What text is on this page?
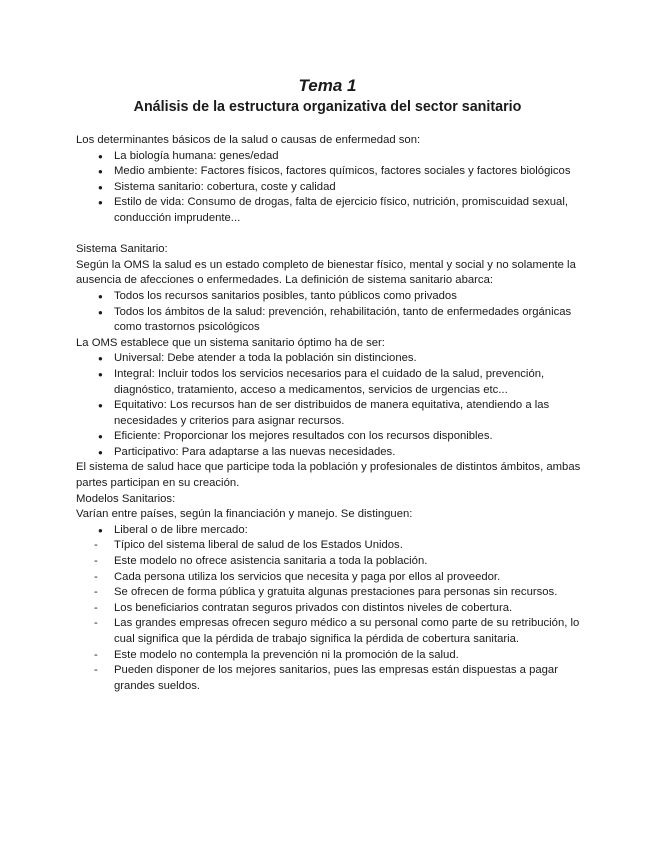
Tema 1
Análisis de la estructura organizativa del sector sanitario

Los determinantes básicos de la salud o causas de enfermedad son:

● La biología humana: genes/edad
● Medio ambiente: Factores físicos, factores químicos, factores sociales y factores biológicos
● Sistema sanitario: cobertura, coste y calidad
● Estilo de vida: Consumo de drogas, falta de ejercicio físico, nutrición, promiscuidad sexual, conducción imprudente...

Sistema Sanitario:

Según la OMS la salud es un estado completo de bienestar físico, mental y social y no solamente la ausencia de afecciones o enfermedades. La definición de sistema sanitario abarca:

● Todos los recursos sanitarios posibles, tanto públicos como privados
● Todos los ámbitos de la salud: prevención, rehabilitación, tanto de enfermedades orgánicas como trastornos psicológicos

La OMS establece que un sistema sanitario óptimo ha de ser:

● Universal: Debe atender a toda la población sin distinciones.
● Integral: Incluir todos los servicios necesarios para el cuidado de la salud, prevención, diagnóstico, tratamiento, acceso a medicamentos, servicios de urgencias etc...
● Equitativo: Los recursos han de ser distribuidos de manera equitativa, atendiendo a las necesidades y criterios para asignar recursos.
● Eficiente: Proporcionar los mejores resultados con los recursos disponibles.
● Participativo: Para adaptarse a las nuevas necesidades.

El sistema de salud hace que participe toda la población y profesionales de distintos ámbitos, ambas partes participan en su creación.

Modelos Sanitarios:

Varían entre países, según la financiación y manejo. Se distinguen:

● Liberal o de libre mercado:
- Típico del sistema liberal de salud de los Estados Unidos.
- Este modelo no ofrece asistencia sanitaria a toda la población.
- Cada persona utiliza los servicios que necesita y paga por ellos al proveedor.
- Se ofrecen de forma pública y gratuita algunas prestaciones para personas sin recursos.
- Los beneficiarios contratan seguros privados con distintos niveles de cobertura.
- Las grandes empresas ofrecen seguro médico a su personal como parte de su retribución, lo cual significa que la pérdida de trabajo significa la pérdida de cobertura sanitaria.
- Este modelo no contempla la prevención ni la promoción de la salud.
- Pueden disponer de los mejores sanitarios, pues las empresas están dispuestas a pagar grandes sueldos.
